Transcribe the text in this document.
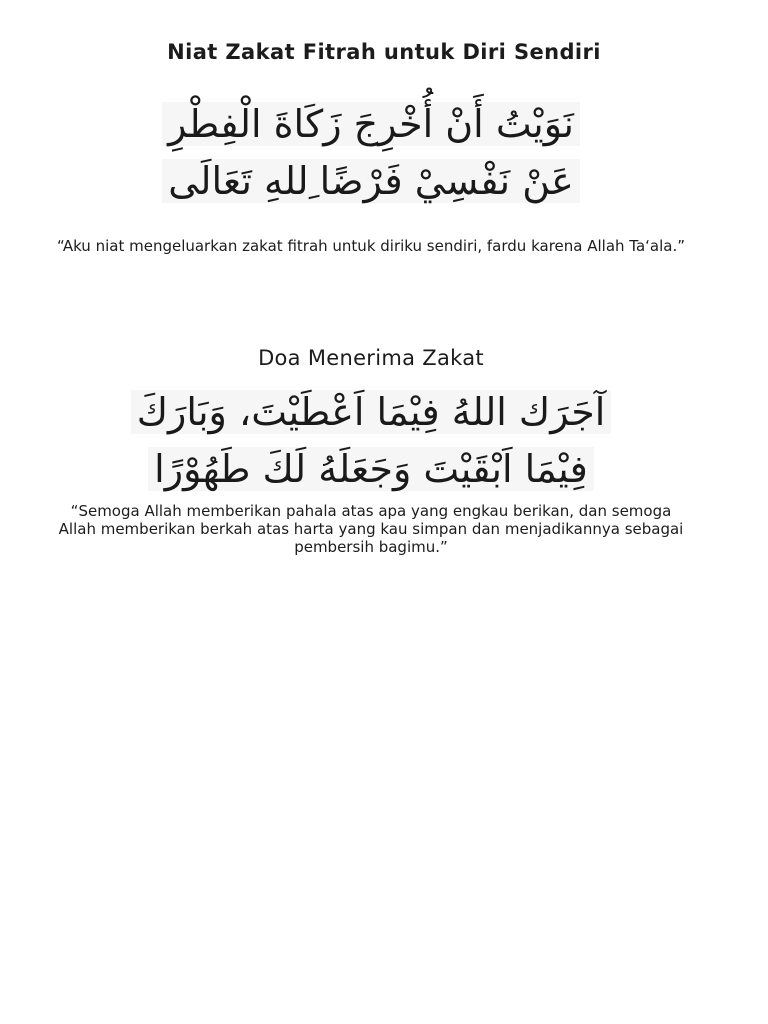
Niat Zakat Fitrah untuk Diri Sendiri
نَوَيْتُ أَنْ أُخْرِجَ زَكَاةَ الْفِطْرِ
عَنْ نَفْسِيْ فَرْضًا ِللهِ تَعَالَى
“Aku niat mengeluarkan zakat fitrah untuk diriku sendiri, fardu karena Allah Ta‘ala.”
Doa Menerima Zakat
آجَرَك اللهُ فِيْمَا اَعْطَيْتَ، وَبَارَكَ
فِيْمَا اَبْقَيْتَ وَجَعَلَهُ لَكَ طَهُوْرًا
“Semoga Allah memberikan pahala atas apa yang engkau berikan, dan semoga Allah memberikan berkah atas harta yang kau simpan dan menjadikannya sebagai pembersih bagimu.”
